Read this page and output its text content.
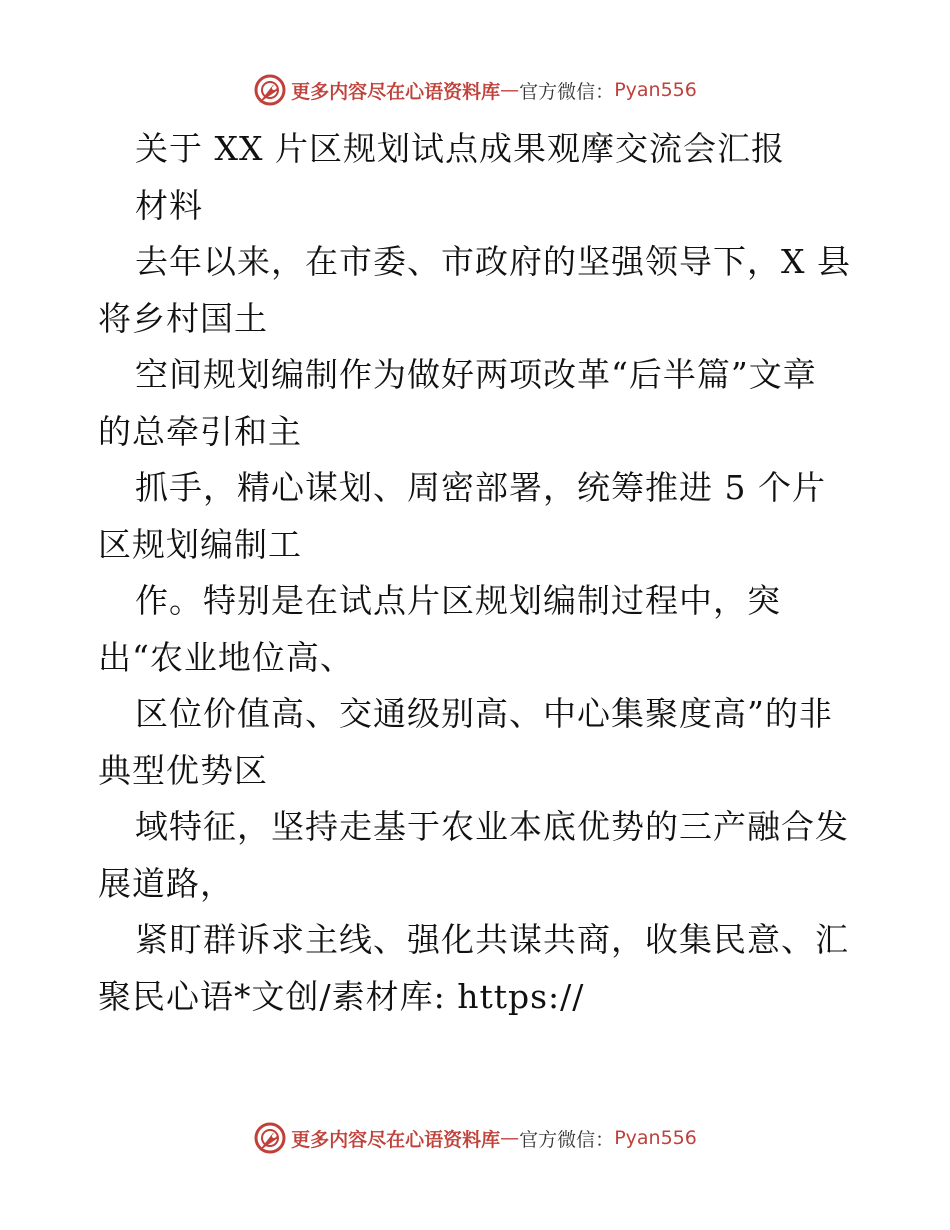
更多内容尽在心语资料库 — 官方微信： Pyan556
关于 XX 片区规划试点成果观摩交流会汇报
材料
去年以来，在市委、市政府的坚强领导下，X 县
将乡村国土
空间规划编制作为做好两项改革“后半篇”文章
的总牵引和主
抓手，精心谋划、周密部署，统筹推进 5 个片
区规划编制工
作。特别是在试点片区规划编制过程中，突
出“农业地位高、
区位价值高、交通级别高、中心集聚度高”的非
典型优势区
域特征，坚持走基于农业本底优势的三产融合发
展道路，
紧盯群诉求主线、强化共谋共商，收集民意、汇
聚民心语*文创/素材库: https://
更多内容尽在心语资料库 — 官方微信： Pyan556
